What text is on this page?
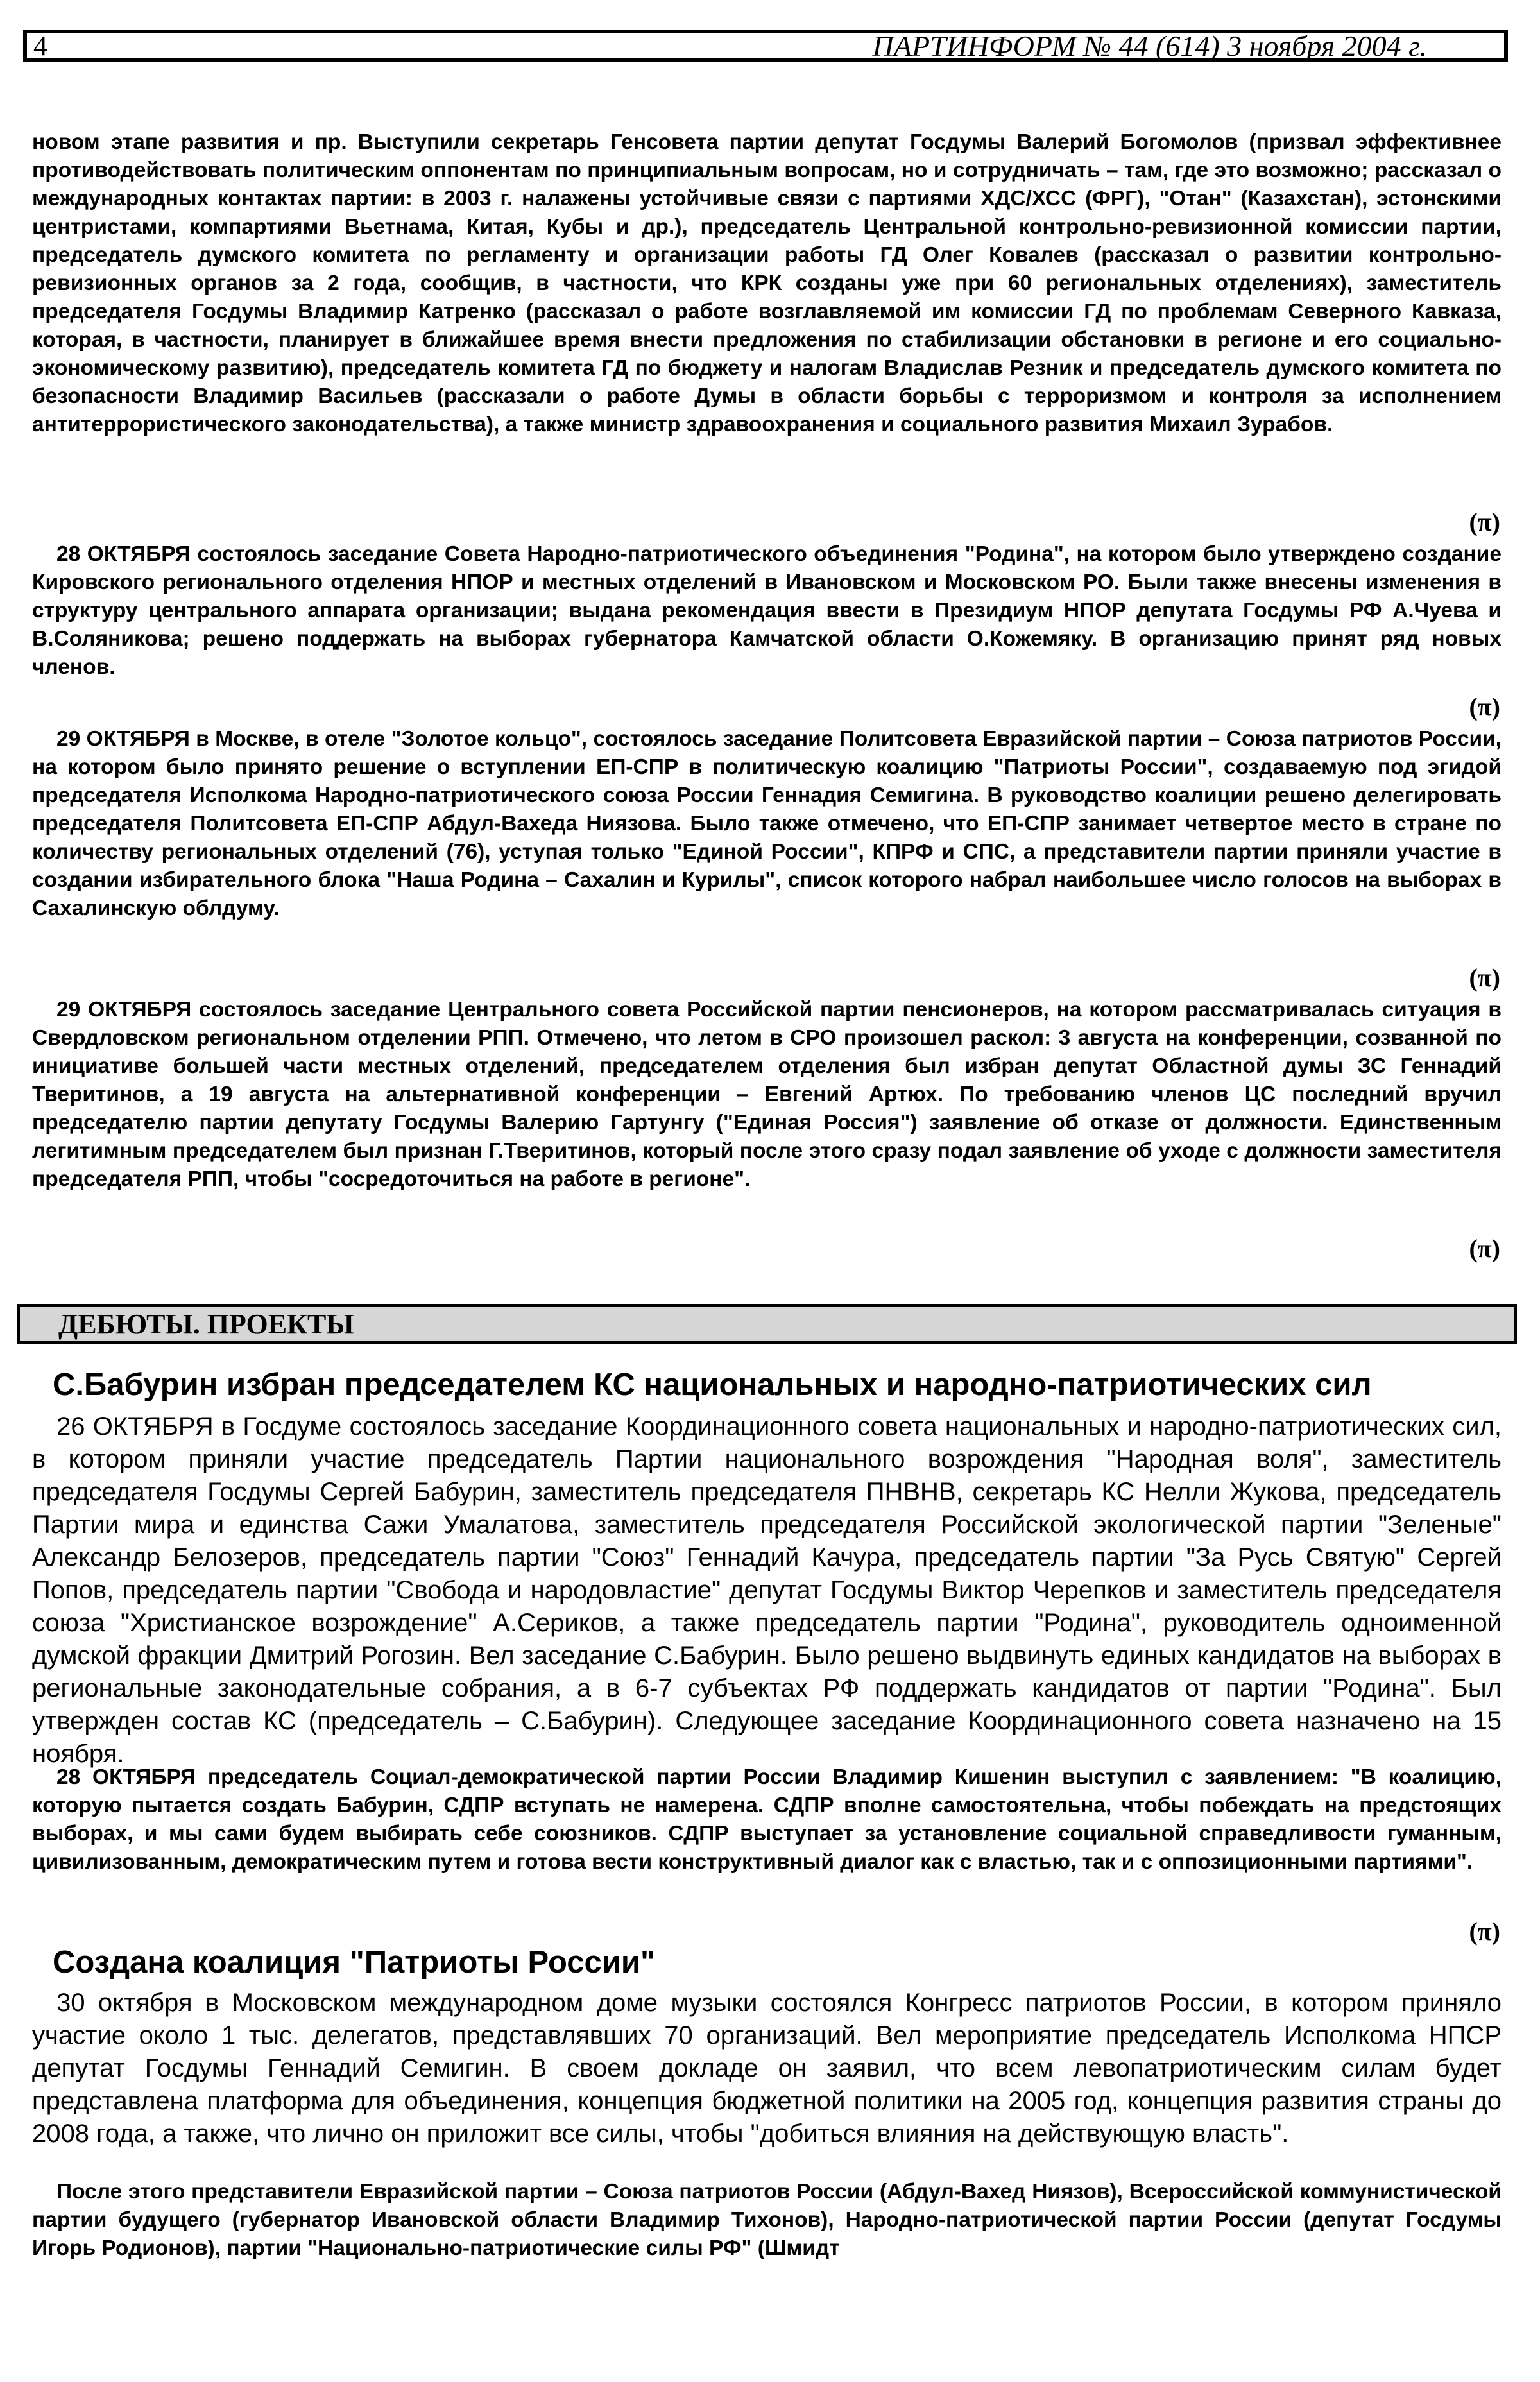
4	ПАРТИНФОРМ № 44 (614) 3 ноября 2004 г.

новом этапе развития и пр. Выступили секретарь Генсовета партии депутат Госдумы Валерий Богомолов (призвал эффективнее противодействовать политическим оппонентам по принципиальным вопросам, но и сотрудничать – там, где это возможно; рассказал о международных контактах партии: в 2003 г. налажены устойчивые связи с партиями ХДС/ХСС (ФРГ), "Отан" (Казахстан), эстонскими центристами, компартиями Вьетнама, Китая, Кубы и др.), председатель Центральной контрольно-ревизионной комиссии партии, председатель думского комитета по регламенту и организации работы ГД Олег Ковалев (рассказал о развитии контрольно-ревизионных органов за 2 года, сообщив, в частности, что КРК созданы уже при 60 региональных отделениях), заместитель председателя Госдумы Владимир Катренко (рассказал о работе возглавляемой им комиссии ГД по проблемам Северного Кавказа, которая, в частности, планирует в ближайшее время внести предложения по стабилизации обстановки в регионе и его социально-экономическому развитию), председатель комитета ГД по бюджету и налогам Владислав Резник и председатель думского комитета по безопасности Владимир Васильев (рассказали о работе Думы в области борьбы с терроризмом и контроля за исполнением антитеррористического законодательства), а также министр здравоохранения и социального развития Михаил Зурабов.

(π)

28 ОКТЯБРЯ состоялось заседание Совета Народно-патриотического объединения "Родина", на котором было утверждено создание Кировского регионального отделения НПОР и местных отделений в Ивановском и Московском РО. Были также внесены изменения в структуру центрального аппарата организации; выдана рекомендация ввести в Президиум НПОР депутата Госдумы РФ А.Чуева и В.Соляникова; решено поддержать на выборах губернатора Камчатской области О.Кожемяку. В организацию принят ряд новых членов.

(π)

29 ОКТЯБРЯ в Москве, в отеле "Золотое кольцо", состоялось заседание Политсовета Евразийской партии – Союза патриотов России, на котором было принято решение о вступлении ЕП-СПР в политическую коалицию "Патриоты России", создаваемую под эгидой председателя Исполкома Народно-патриотического союза России Геннадия Семигина. В руководство коалиции решено делегировать председателя Политсовета ЕП-СПР Абдул-Вахеда Ниязова. Было также отмечено, что ЕП-СПР занимает четвертое место в стране по количеству региональных отделений (76), уступая только "Единой России", КПРФ и СПС, а представители партии приняли участие в создании избирательного блока "Наша Родина – Сахалин и Курилы", список которого набрал наибольшее число голосов на выборах в Сахалинскую облдуму.

(π)

29 ОКТЯБРЯ состоялось заседание Центрального совета Российской партии пенсионеров, на котором рассматривалась ситуация в Свердловском региональном отделении РПП. Отмечено, что летом в СРО произошел раскол: 3 августа на конференции, созванной по инициативе большей части местных отделений, председателем отделения был избран депутат Областной думы ЗС Геннадий Тверитинов, а 19 августа на альтернативной конференции – Евгений Артюх. По требованию членов ЦС последний вручил председателю партии депутату Госдумы Валерию Гартунгу ("Единая Россия") заявление об отказе от должности. Единственным легитимным председателем был признан Г.Тверитинов, который после этого сразу подал заявление об уходе с должности заместителя председателя РПП, чтобы "сосредоточиться на работе в регионе".

(π)
ДЕБЮТЫ. ПРОЕКТЫ
С.Бабурин избран председателем КС национальных и народно-патриотических сил

26 ОКТЯБРЯ в Госдуме состоялось заседание Координационного совета национальных и народно-патриотических сил, в котором приняли участие председатель Партии национального возрождения "Народная воля", заместитель председателя Госдумы Сергей Бабурин, заместитель председателя ПНВНВ, секретарь КС Нелли Жукова, председатель Партии мира и единства Сажи Умалатова, заместитель председателя Российской экологической партии "Зеленые" Александр Белозеров, председатель партии "Союз" Геннадий Качура, председатель партии "За Русь Святую" Сергей Попов, председатель партии "Свобода и народовластие" депутат Госдумы Виктор Черепков и заместитель председателя союза "Христианское возрождение" А.Сериков, а также председатель партии "Родина", руководитель одноименной думской фракции Дмитрий Рогозин. Вел заседание С.Бабурин. Было решено выдвинуть единых кандидатов на выборах в региональные законодательные собрания, а в 6-7 субъектах РФ поддержать кандидатов от партии "Родина". Был утвержден состав КС (председатель – С.Бабурин). Следующее заседание Координационного совета назначено на 15 ноября.

28 ОКТЯБРЯ председатель Социал-демократической партии России Владимир Кишенин выступил с заявлением: "В коалицию, которую пытается создать Бабурин, СДПР вступать не намерена. СДПР вполне самостоятельна, чтобы побеждать на предстоящих выборах, и мы сами будем выбирать себе союзников. СДПР выступает за установление социальной справедливости гуманным, цивилизованным, демократическим путем и готова вести конструктивный диалог как с властью, так и с оппозиционными партиями".

(π)
Создана коалиция "Патриоты России"

30 октября в Московском международном доме музыки состоялся Конгресс патриотов России, в котором приняло участие около 1 тыс. делегатов, представлявших 70 организаций. Вел мероприятие председатель Исполкома НПСР депутат Госдумы Геннадий Семигин. В своем докладе он заявил, что всем левопатриотическим силам будет представлена платформа для объединения, концепция бюджетной политики на 2005 год, концепция развития страны до 2008 года, а также, что лично он приложит все силы, чтобы "добиться влияния на действующую власть".

После этого представители Евразийской партии – Союза патриотов России (Абдул-Вахед Ниязов), Всероссийской коммунистической партии будущего (губернатор Ивановской области Владимир Тихонов), Народно-патриотической партии России (депутат Госдумы Игорь Родионов), партии "Национально-патриотические силы РФ" (Шмидт
